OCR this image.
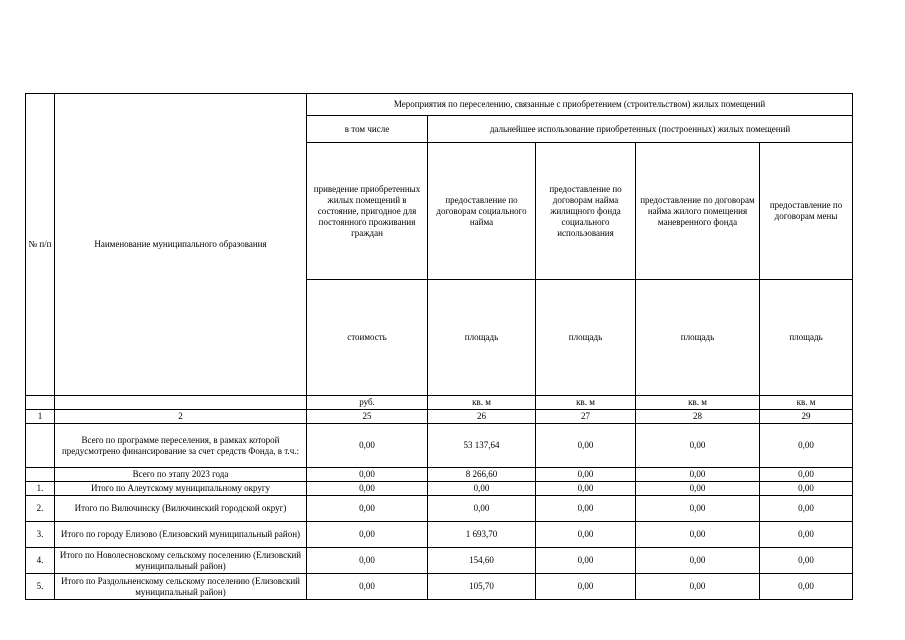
№ п/п	Наименование муниципального образования	Мероприятия по переселению, связанные с приобретением (строительством) жилых помещений				
		в том числе	дальнейшее использование приобретенных (построенных) жилых помещений			
		приведение приобретенных жилых помещений в состояние, пригодное для постоянного проживания граждан	предоставление по договорам социального найма	предоставление по договорам найма жилищного фонда социального использования	предоставление по договорам найма жилого помещения маневренного фонда	предоставление по договорам мены
		стоимость	площадь	площадь	площадь	площадь
		руб.	кв. м	кв. м	кв. м	кв. м
1	2	25	26	27	28	29
	Всего по программе переселения, в рамках которой предусмотрено финансирование за счет средств Фонда, в т.ч.:	0,00	53 137,64	0,00	0,00	0,00
	Всего по этапу 2023 года	0,00	8 266,60	0,00	0,00	0,00
1.	Итого по Алеутскому муниципальному округу	0,00	0,00	0,00	0,00	0,00
2.	Итого по Вилючинску (Вилючинский городской округ)	0,00	0,00	0,00	0,00	0,00
3.	Итого по городу Елизово (Елизовский муниципальный район)	0,00	1 693,70	0,00	0,00	0,00
4.	Итого по Новолесновскому сельскому поселению (Елизовский муниципальный район)	0,00	154,60	0,00	0,00	0,00
5.	Итого по Раздольненскому сельскому поселению (Елизовский муниципальный район)	0,00	105,70	0,00	0,00	0,00
